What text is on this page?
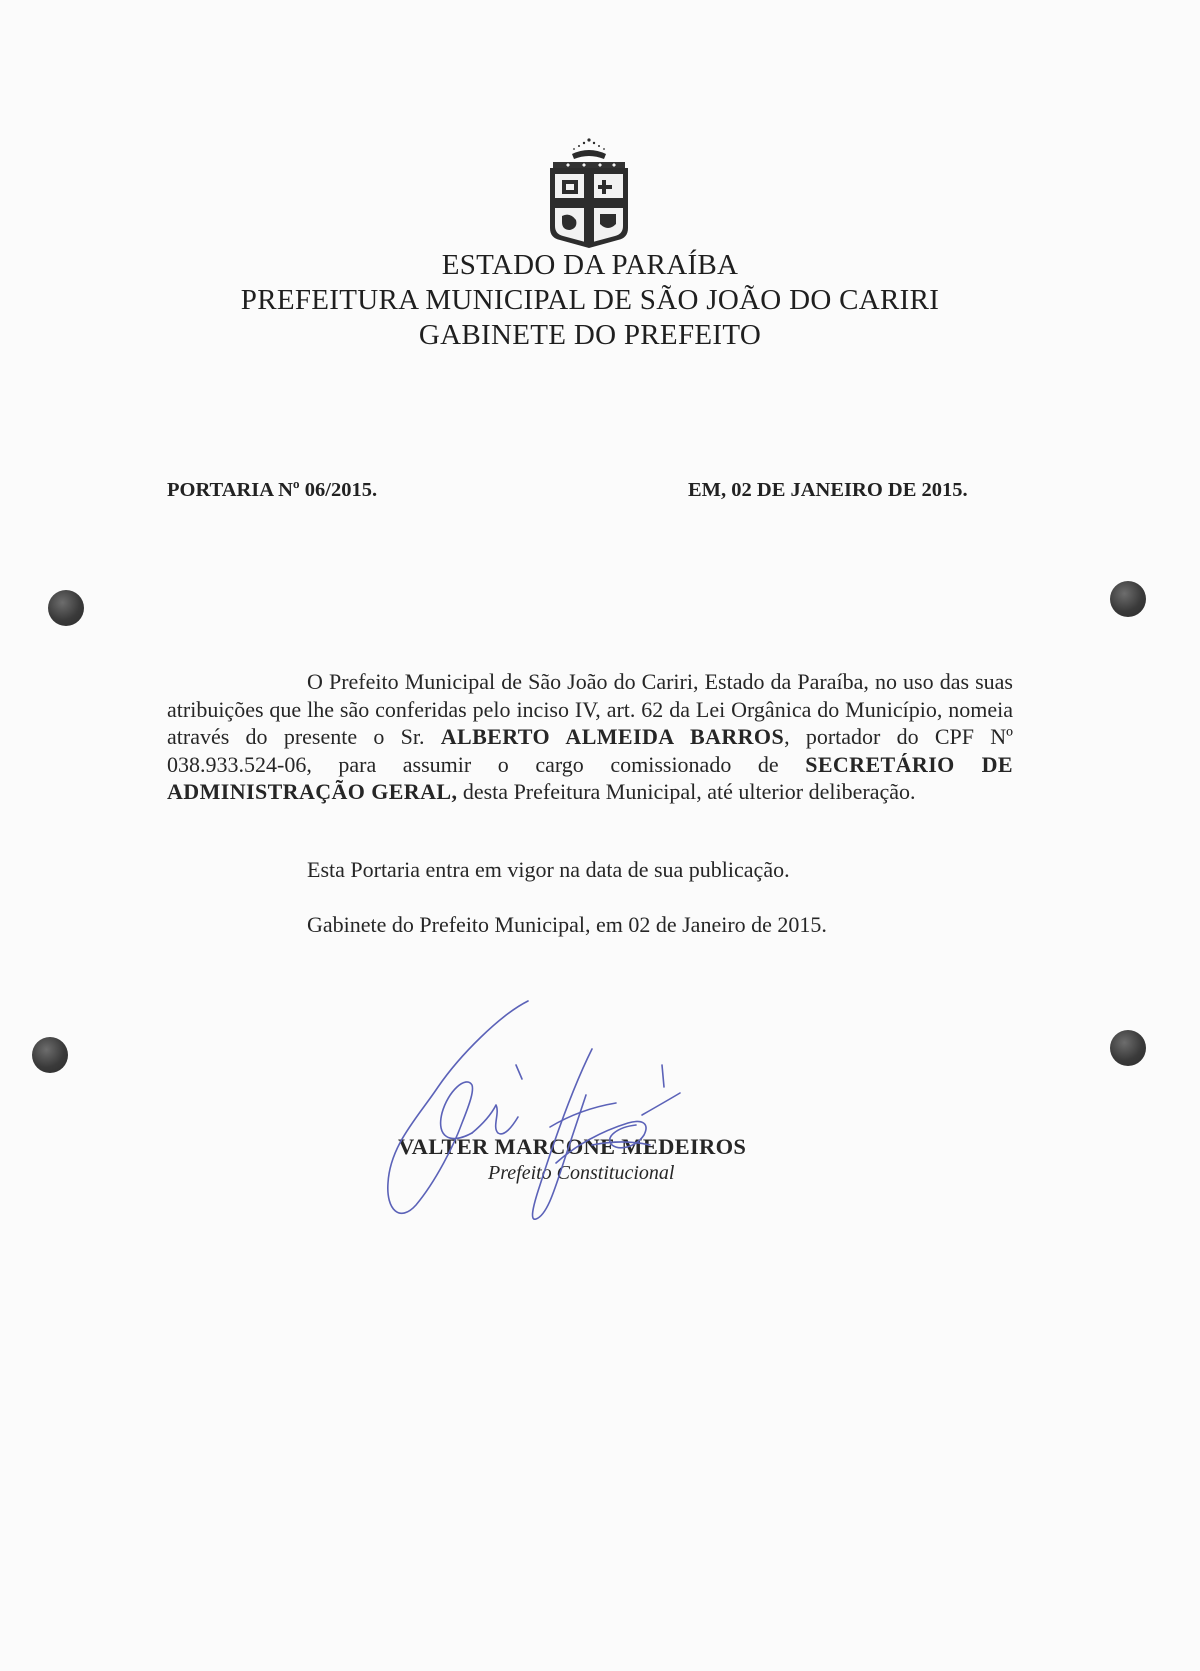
ESTADO DA PARAÍBA
PREFEITURA MUNICIPAL DE SÃO JOÃO DO CARIRI
GABINETE DO PREFEITO
PORTARIA Nº 06/2015.	EM, 02 DE JANEIRO DE 2015.

O Prefeito Municipal de São João do Cariri, Estado da Paraíba, no uso das suas atribuições que lhe são conferidas pelo inciso IV, art. 62 da Lei Orgânica do Município, nomeia através do presente o Sr. ALBERTO ALMEIDA BARROS, portador do CPF Nº 038.933.524-06, para assumir o cargo comissionado de SECRETÁRIO DE ADMINISTRAÇÃO GERAL, desta Prefeitura Municipal, até ulterior deliberação.

Esta Portaria entra em vigor na data de sua publicação.
Gabinete do Prefeito Municipal, em 02 de Janeiro de 2015.
VALTER MARCONE MEDEIROS
Prefeito Constitucional
